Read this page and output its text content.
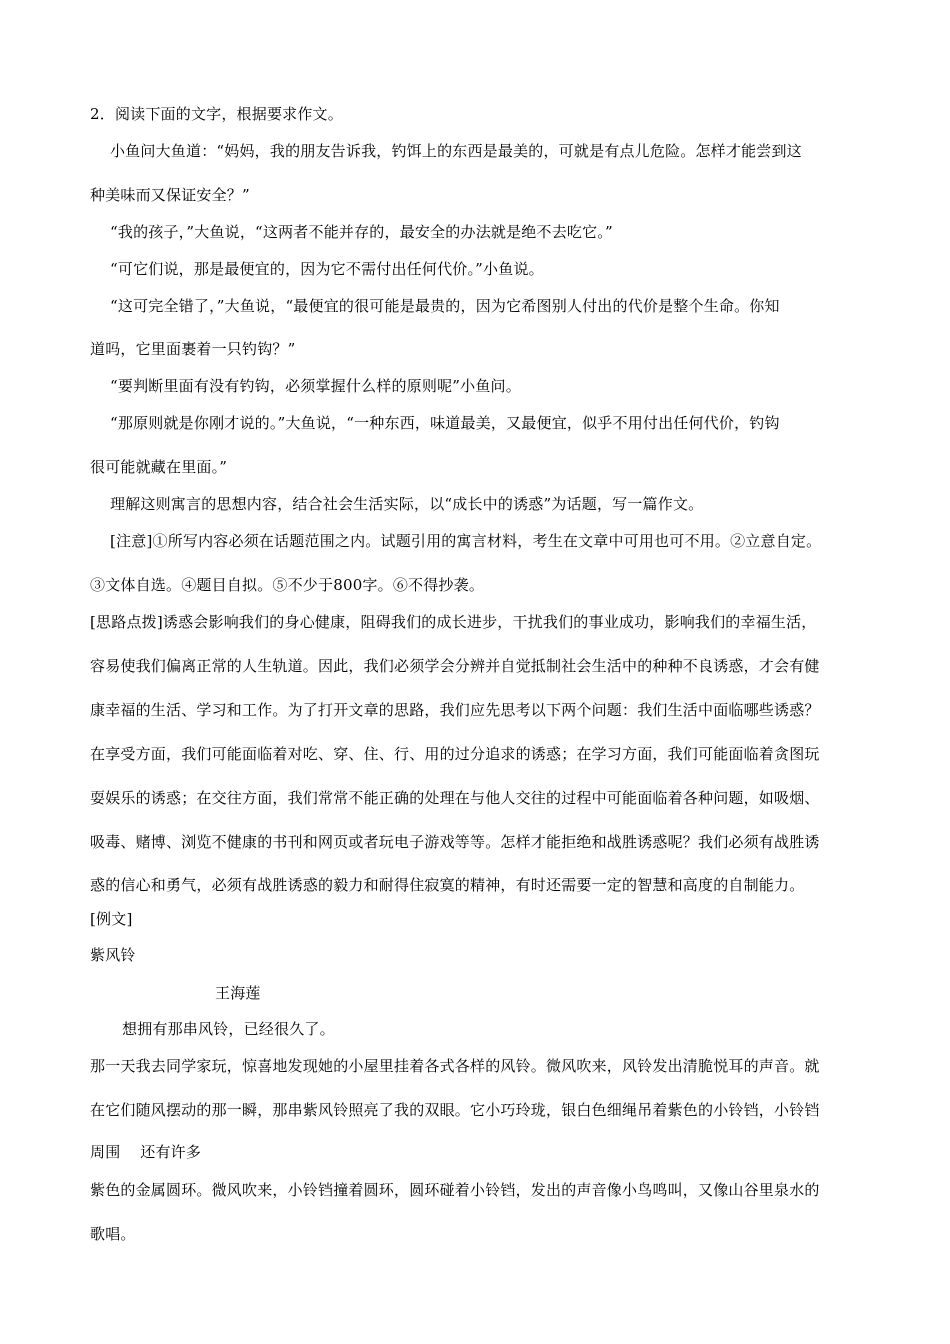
2．阅读下面的文字，根据要求作文。
小鱼问大鱼道：“妈妈，我的朋友告诉我，钓饵上的东西是最美的，可就是有点儿危险。怎样才能尝到这
种美味而又保证安全？”
“我的孩子，”大鱼说，“这两者不能并存的，最安全的办法就是绝不去吃它。”
“可它们说，那是最便宜的，因为它不需付出任何代价。”小鱼说。
“这可完全错了，”大鱼说，“最便宜的很可能是最贵的，因为它希图别人付出的代价是整个生命。你知
道吗，它里面裹着一只钓钩？”
“要判断里面有没有钓钩，必须掌握什么样的原则呢”小鱼问。
“那原则就是你刚才说的。”大鱼说，“一种东西，味道最美，又最便宜，似乎不用付出任何代价，钓钩
很可能就藏在里面。”
理解这则寓言的思想内容，结合社会生活实际，以“成长中的诱惑”为话题，写一篇作文。
[注意]①所写内容必须在话题范围之内。试题引用的寓言材料，考生在文章中可用也可不用。②立意自定。
③文体自选。④题目自拟。⑤不少于800字。⑥不得抄袭。
[思路点拨]诱惑会影响我们的身心健康，阻碍我们的成长进步，干扰我们的事业成功，影响我们的幸福生活，
容易使我们偏离正常的人生轨道。因此，我们必须学会分辨并自觉抵制社会生活中的种种不良诱惑，才会有健
康幸福的生活、学习和工作。为了打开文章的思路，我们应先思考以下两个问题：我们生活中面临哪些诱惑？
在享受方面，我们可能面临着对吃、穿、住、行、用的过分追求的诱惑；在学习方面，我们可能面临着贪图玩
耍娱乐的诱惑；在交往方面，我们常常不能正确的处理在与他人交往的过程中可能面临着各种问题，如吸烟、
吸毒、赌博、浏览不健康的书刊和网页或者玩电子游戏等等。怎样才能拒绝和战胜诱惑呢？我们必须有战胜诱
惑的信心和勇气，必须有战胜诱惑的毅力和耐得住寂寞的精神，有时还需要一定的智慧和高度的自制能力。
[例文]
紫风铃
王海莲
想拥有那串风铃，已经很久了。
那一天我去同学家玩，惊喜地发现她的小屋里挂着各式各样的风铃。微风吹来，风铃发出清脆悦耳的声音。就
在它们随风摆动的那一瞬，那串紫风铃照亮了我的双眼。它小巧玲珑，银白色细绳吊着紫色的小铃铛，小铃铛
周围    还有许多
紫色的金属圆环。微风吹来，小铃铛撞着圆环，圆环碰着小铃铛，发出的声音像小鸟鸣叫，又像山谷里泉水的
歌唱。
